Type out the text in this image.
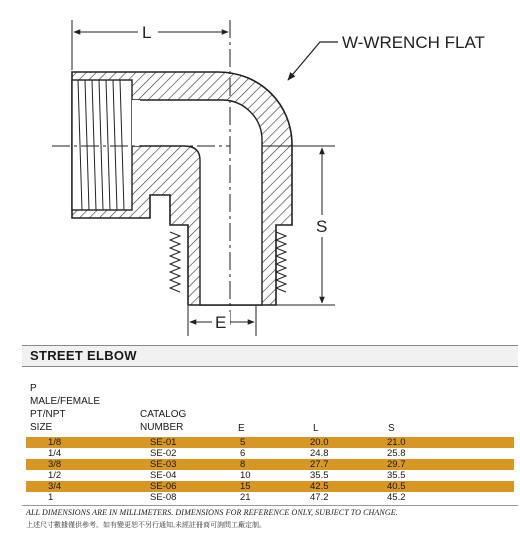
L
S
E
W-WRENCH FLAT
STREET ELBOW
P
MALE/FEMALE
PT/NPT
SIZE
CATALOG
NUMBER	E	L	S
1/8	SE-01	5	20.0	21.0
1/4	SE-02	6	24.8	25.8
3/8	SE-03	8	27.7	29.7
1/2	SE-04	10	35.5	35.5
3/4	SE-06	15	42.5	40.5
1	SE-08	21	47.2	45.2
ALL DIMENSIONS ARE IN MILLIMETERS. DIMENSIONS FOR REFERENCE ONLY, SUBJECT TO CHANGE.
上述尺寸數據僅供參考。如有變更恕不另行通知,未經註冊商可詢問工廠定制。
